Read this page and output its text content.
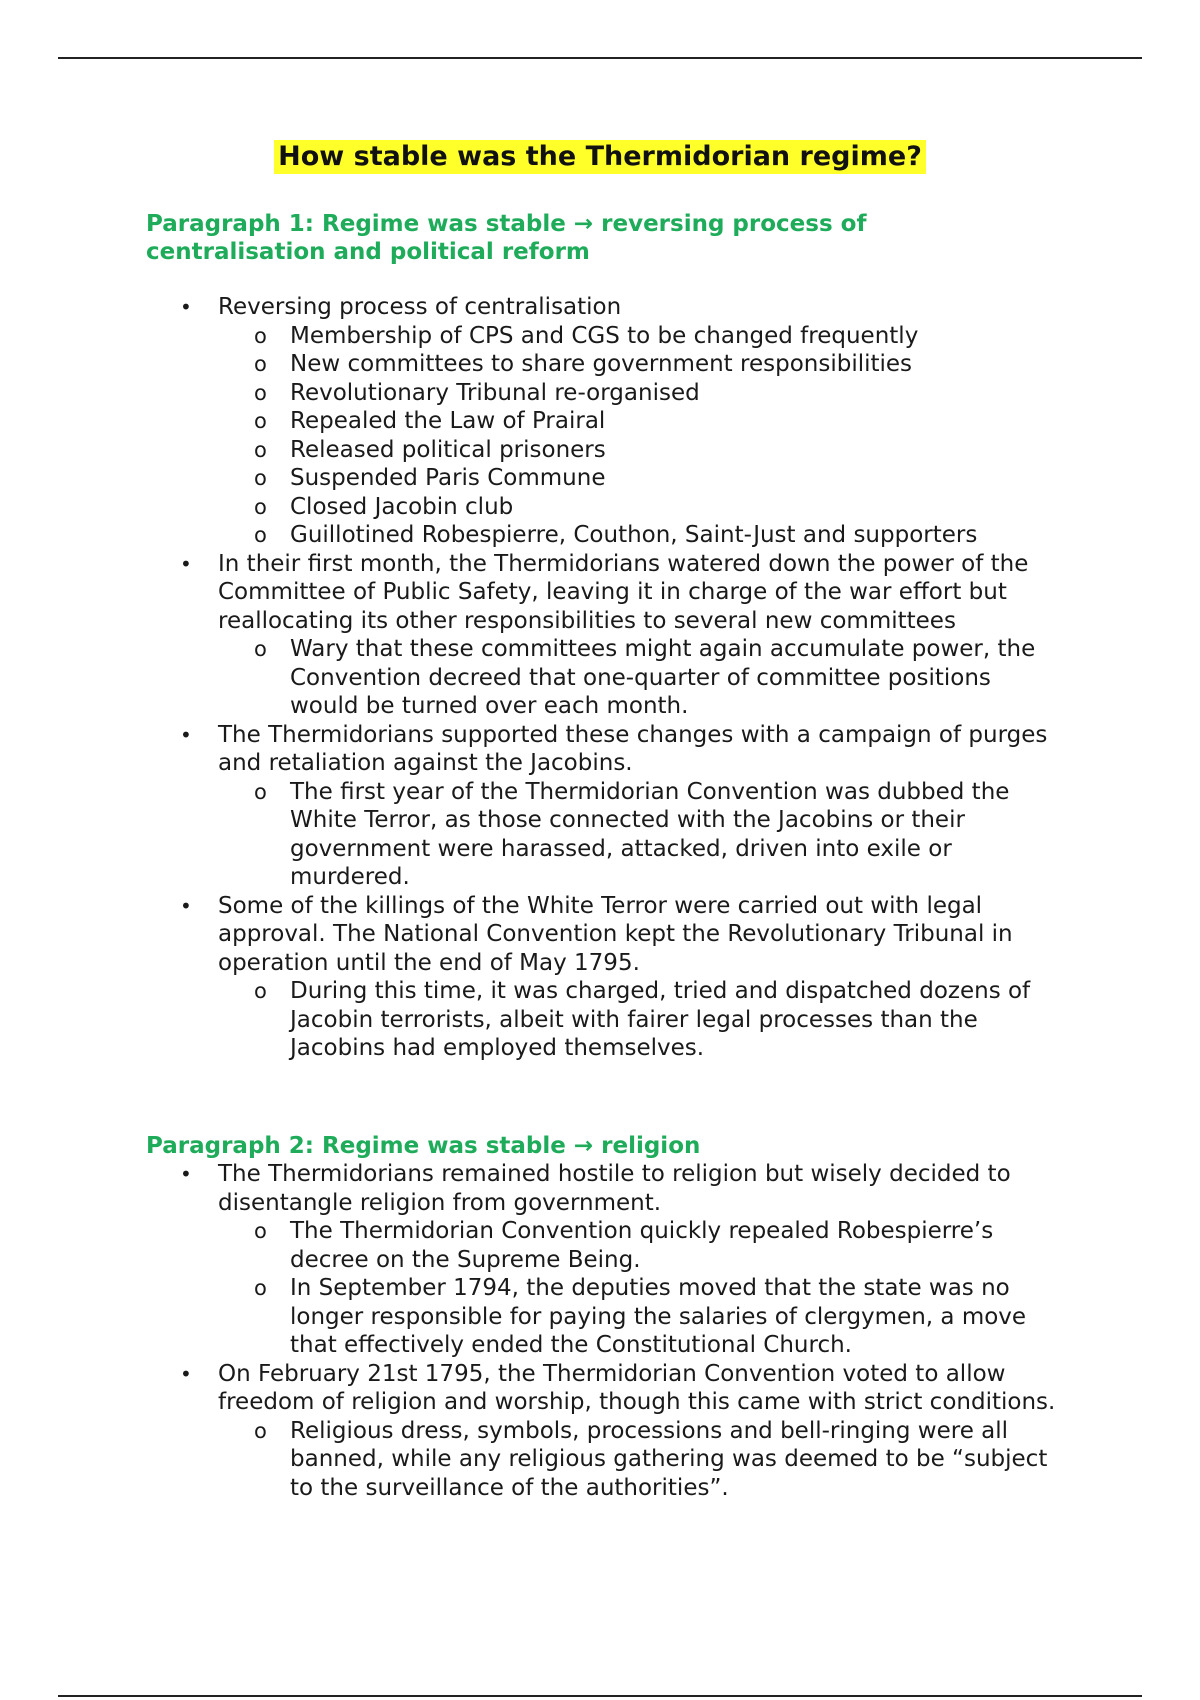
How stable was the Thermidorian regime?
Paragraph 1: Regime was stable → reversing process of centralisation and political reform
• Reversing process of centralisation
o Membership of CPS and CGS to be changed frequently
o New committees to share government responsibilities
o Revolutionary Tribunal re-organised
o Repealed the Law of Prairal
o Released political prisoners
o Suspended Paris Commune
o Closed Jacobin club
o Guillotined Robespierre, Couthon, Saint-Just and supporters
• In their first month, the Thermidorians watered down the power of the Committee of Public Safety, leaving it in charge of the war effort but reallocating its other responsibilities to several new committees
o Wary that these committees might again accumulate power, the Convention decreed that one-quarter of committee positions would be turned over each month.
• The Thermidorians supported these changes with a campaign of purges and retaliation against the Jacobins.
o The first year of the Thermidorian Convention was dubbed the White Terror, as those connected with the Jacobins or their government were harassed, attacked, driven into exile or murdered.
• Some of the killings of the White Terror were carried out with legal approval. The National Convention kept the Revolutionary Tribunal in operation until the end of May 1795.
o During this time, it was charged, tried and dispatched dozens of Jacobin terrorists, albeit with fairer legal processes than the Jacobins had employed themselves.
Paragraph 2: Regime was stable → religion
• The Thermidorians remained hostile to religion but wisely decided to disentangle religion from government.
o The Thermidorian Convention quickly repealed Robespierre’s decree on the Supreme Being.
o In September 1794, the deputies moved that the state was no longer responsible for paying the salaries of clergymen, a move that effectively ended the Constitutional Church.
• On February 21st 1795, the Thermidorian Convention voted to allow freedom of religion and worship, though this came with strict conditions.
o Religious dress, symbols, processions and bell-ringing were all banned, while any religious gathering was deemed to be “subject to the surveillance of the authorities”.
